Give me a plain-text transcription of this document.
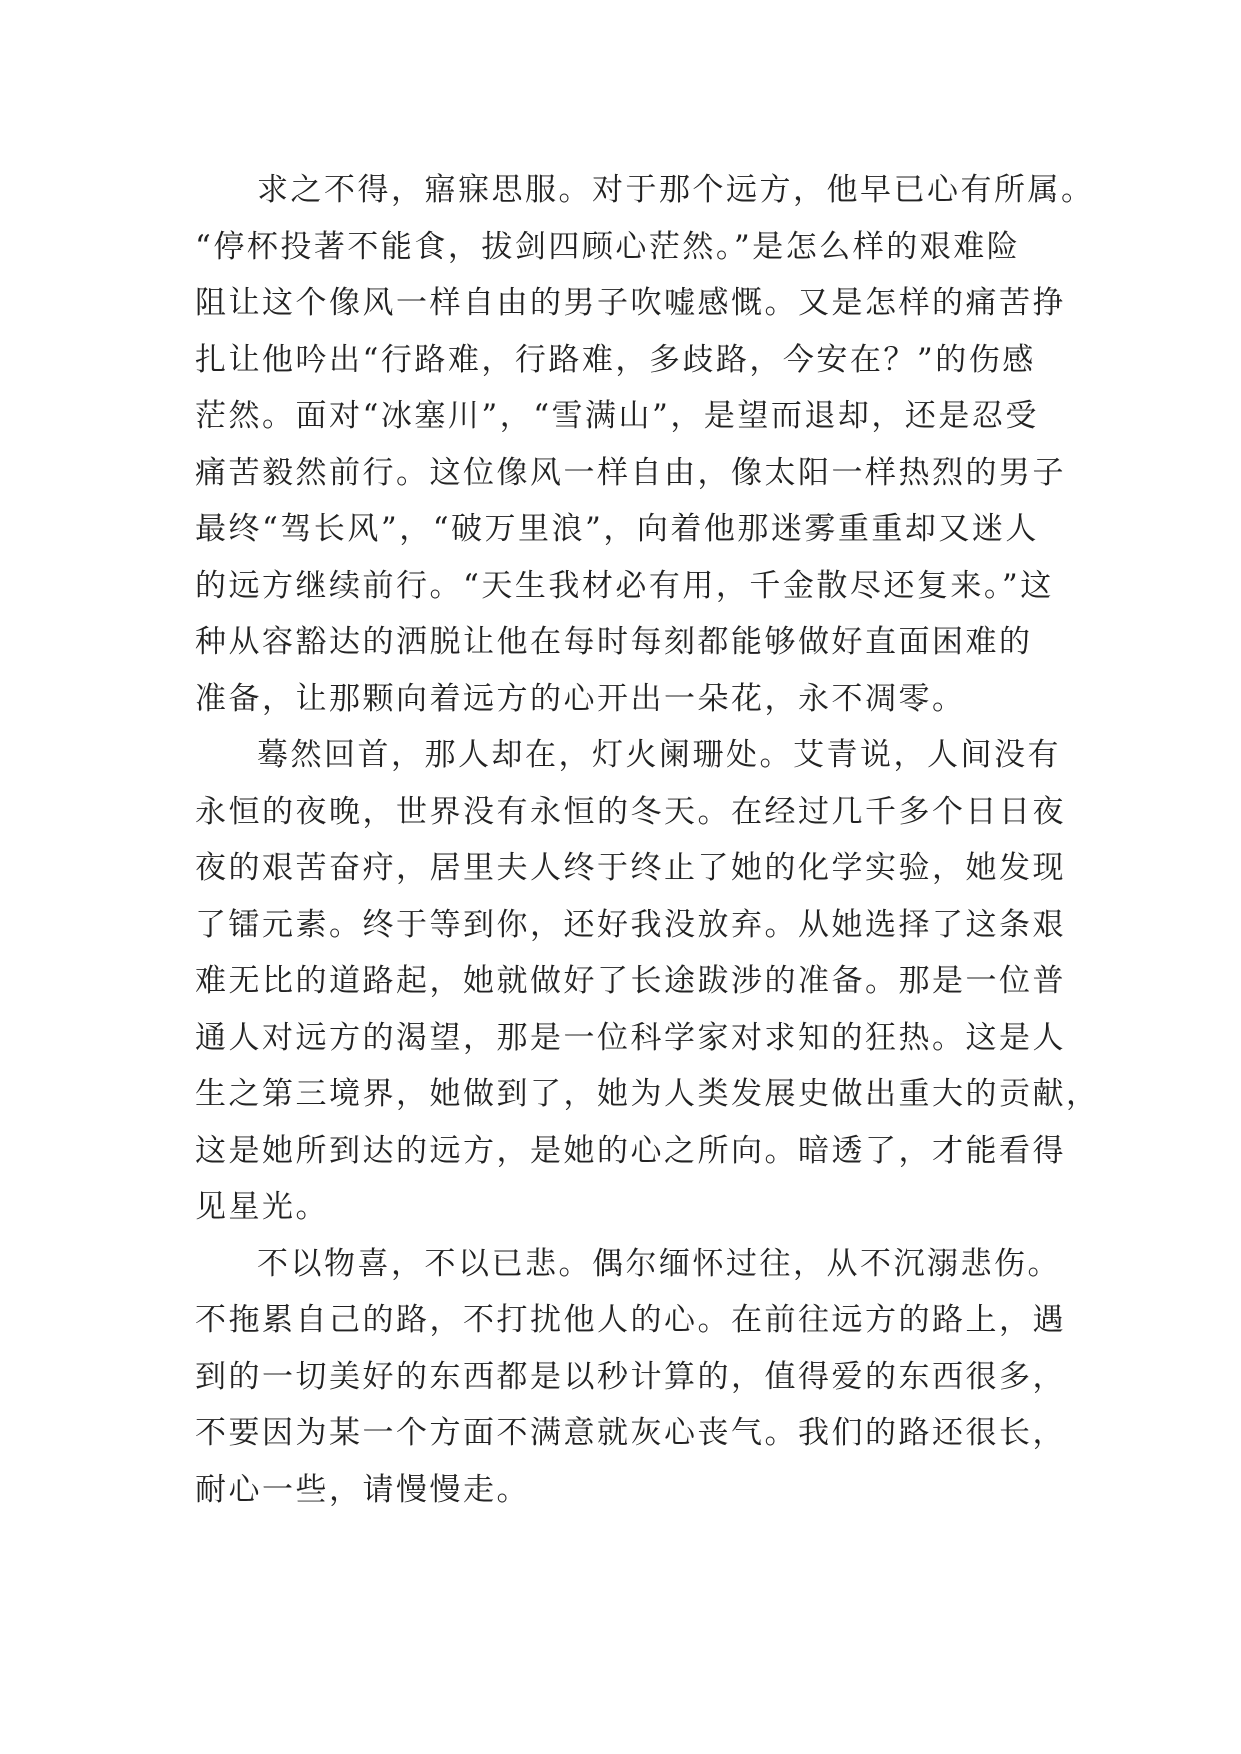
求之不得，寤寐思服。对于那个远方，他早已心有所属。
“停杯投著不能食，拔剑四顾心茫然。”是怎么样的艰难险
阻让这个像风一样自由的男子吹嘘感慨。又是怎样的痛苦挣
扎让他吟出“行路难，行路难，多歧路，今安在？”的伤感
茫然。面对“冰塞川”，“雪满山”，是望而退却，还是忍受
痛苦毅然前行。这位像风一样自由，像太阳一样热烈的男子
最终“驾长风”，“破万里浪”，向着他那迷雾重重却又迷人
的远方继续前行。“天生我材必有用，千金散尽还复来。”这
种从容豁达的洒脱让他在每时每刻都能够做好直面困难的
准备，让那颗向着远方的心开出一朵花，永不凋零。
蓦然回首，那人却在，灯火阑珊处。艾青说，人间没有
永恒的夜晚，世界没有永恒的冬天。在经过几千多个日日夜
夜的艰苦奋疛，居里夫人终于终止了她的化学实验，她发现
了镭元素。终于等到你，还好我没放弃。从她选择了这条艰
难无比的道路起，她就做好了长途跋涉的准备。那是一位普
通人对远方的渴望，那是一位科学家对求知的狂热。这是人
生之第三境界，她做到了，她为人类发展史做出重大的贡献，
这是她所到达的远方，是她的心之所向。暗透了，才能看得
见星光。
不以物喜，不以已悲。偶尔缅怀过往，从不沉溺悲伤。
不拖累自己的路，不打扰他人的心。在前往远方的路上，遇
到的一切美好的东西都是以秒计算的，值得爱的东西很多，
不要因为某一个方面不满意就灰心丧气。我们的路还很长，
耐心一些，请慢慢走。
